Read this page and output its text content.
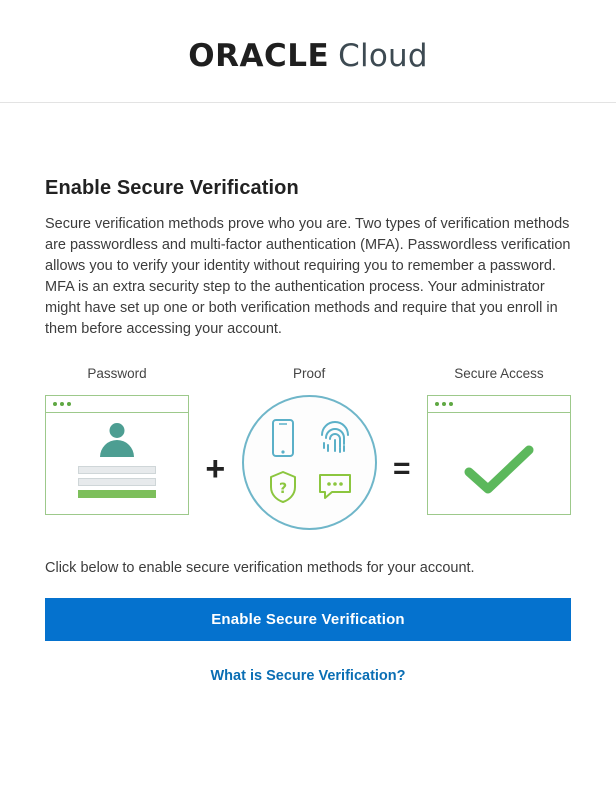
ORACLE Cloud
Enable Secure Verification

Secure verification methods prove who you are. Two types of verification methods are passwordless and multi-factor authentication (MFA). Passwordless verification allows you to verify your identity without requiring you to remember a password. MFA is an extra security step to the authentication process. Your administrator might have set up one or both verification methods and require that you enroll in them before accessing your account.

Password
+
Proof
?
=
Secure Access

Click below to enable secure verification methods for your account.

Enable Secure Verification
What is Secure Verification?
